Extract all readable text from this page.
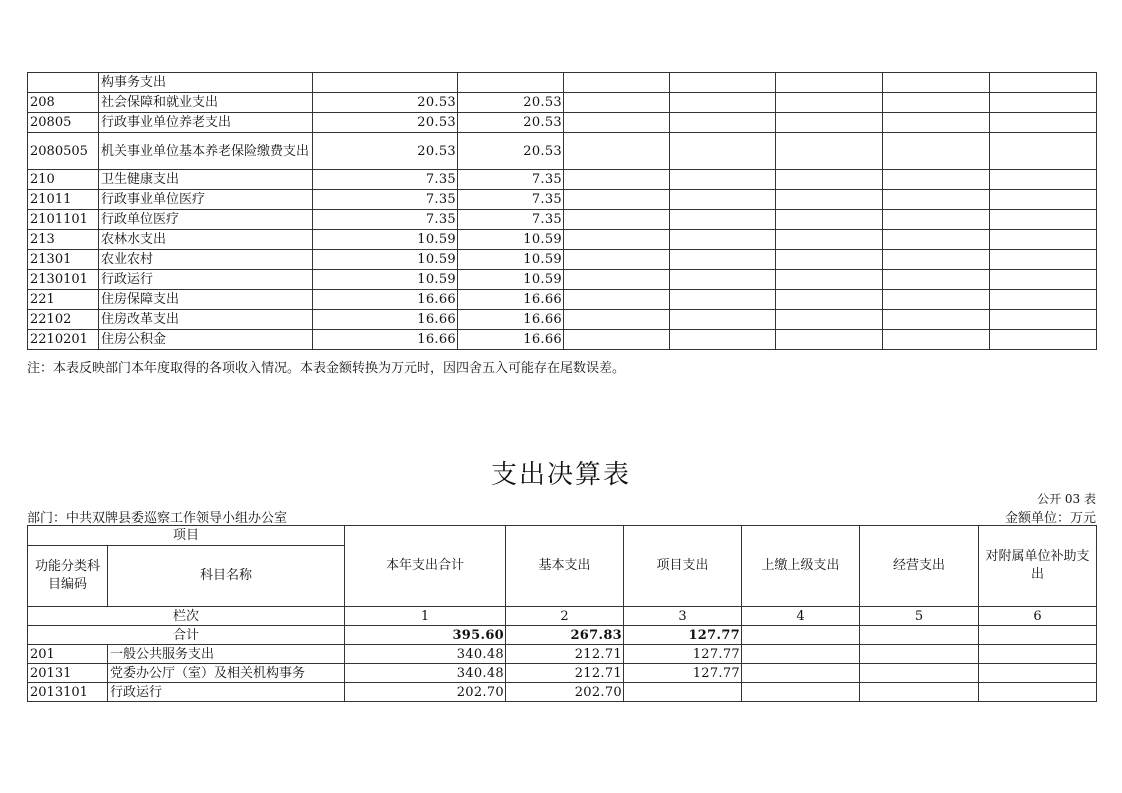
	构事务支出							
208	社会保障和就业支出	20.53	20.53					
20805	行政事业单位养老支出	20.53	20.53					
2080505	机关事业单位基本养老保险缴费支出	20.53	20.53					
210	卫生健康支出	7.35	7.35					
21011	行政事业单位医疗	7.35	7.35					
2101101	行政单位医疗	7.35	7.35					
213	农林水支出	10.59	10.59					
21301	农业农村	10.59	10.59					
2130101	行政运行	10.59	10.59					
221	住房保障支出	16.66	16.66					
22102	住房改革支出	16.66	16.66					
2210201	住房公积金	16.66	16.66					
注：本表反映部门本年度取得的各项收入情况。本表金额转换为万元时，因四舍五入可能存在尾数误差。
支出决算表
公开 03 表
部门：中共双牌县委巡察工作领导小组办公室	金额单位：万元
项目		本年支出合计	基本支出	项目支出	上缴上级支出	经营支出	对附属单位补助支出
功能分类科目编码	科目名称						
栏次		1	2	3	4	5	6
合计		395.60	267.83	127.77			
201	一般公共服务支出	340.48	212.71	127.77			
20131	党委办公厅（室）及相关机构事务	340.48	212.71	127.77			
2013101	行政运行	202.70	202.70				
